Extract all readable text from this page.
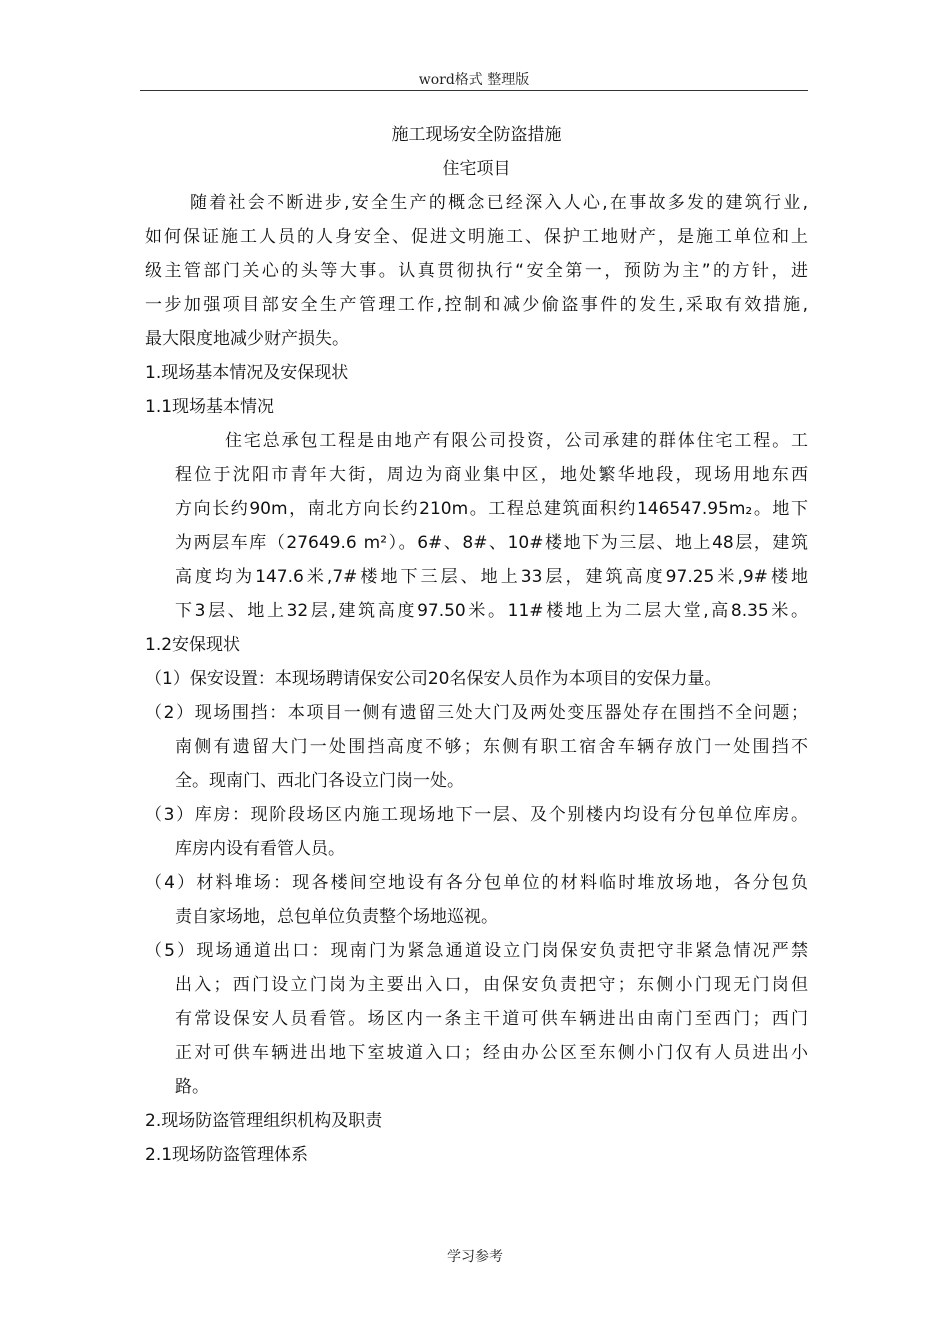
word格式 整理版
施工现场安全防盗措施
住宅项目
随着社会不断进步,安全生产的概念已经深入人心,在事故多发的建筑行业,
如何保证施工人员的人身安全、促进文明施工、保护工地财产，是施工单位和上
级主管部门关心的头等大事。认真贯彻执行“安全第一，预防为主”的方针，进
一步加强项目部安全生产管理工作,控制和减少偷盗事件的发生,采取有效措施,
最大限度地减少财产损失。
1.现场基本情况及安保现状
1.1现场基本情况
住宅总承包工程是由地产有限公司投资，公司承建的群体住宅工程。工
程位于沈阳市青年大街，周边为商业集中区，地处繁华地段，现场用地东西
方向长约90m，南北方向长约210m。工程总建筑面积约146547.95m₂。地下
为两层车库（27649.6 m²）。6#、8#、10#楼地下为三层、地上48层，建筑
高度均为147.6米,7#楼地下三层、地上33层，建筑高度97.25米,9#楼地
下3层、地上32层,建筑高度97.50米。11#楼地上为二层大堂,高8.35米。
1.2安保现状
（1）保安设置：本现场聘请保安公司20名保安人员作为本项目的安保力量。
（2）现场围挡：本项目一侧有遗留三处大门及两处变压器处存在围挡不全问题；
南侧有遗留大门一处围挡高度不够；东侧有职工宿舍车辆存放门一处围挡不
全。现南门、西北门各设立门岗一处。
（3）库房：现阶段场区内施工现场地下一层、及个别楼内均设有分包单位库房。
库房内设有看管人员。
（4）材料堆场：现各楼间空地设有各分包单位的材料临时堆放场地，各分包负
责自家场地，总包单位负责整个场地巡视。
（5）现场通道出口：现南门为紧急通道设立门岗保安负责把守非紧急情况严禁
出入；西门设立门岗为主要出入口，由保安负责把守；东侧小门现无门岗但
有常设保安人员看管。场区内一条主干道可供车辆进出由南门至西门；西门
正对可供车辆进出地下室坡道入口；经由办公区至东侧小门仅有人员进出小
路。
2.现场防盗管理组织机构及职责
2.1现场防盗管理体系
学习参考
